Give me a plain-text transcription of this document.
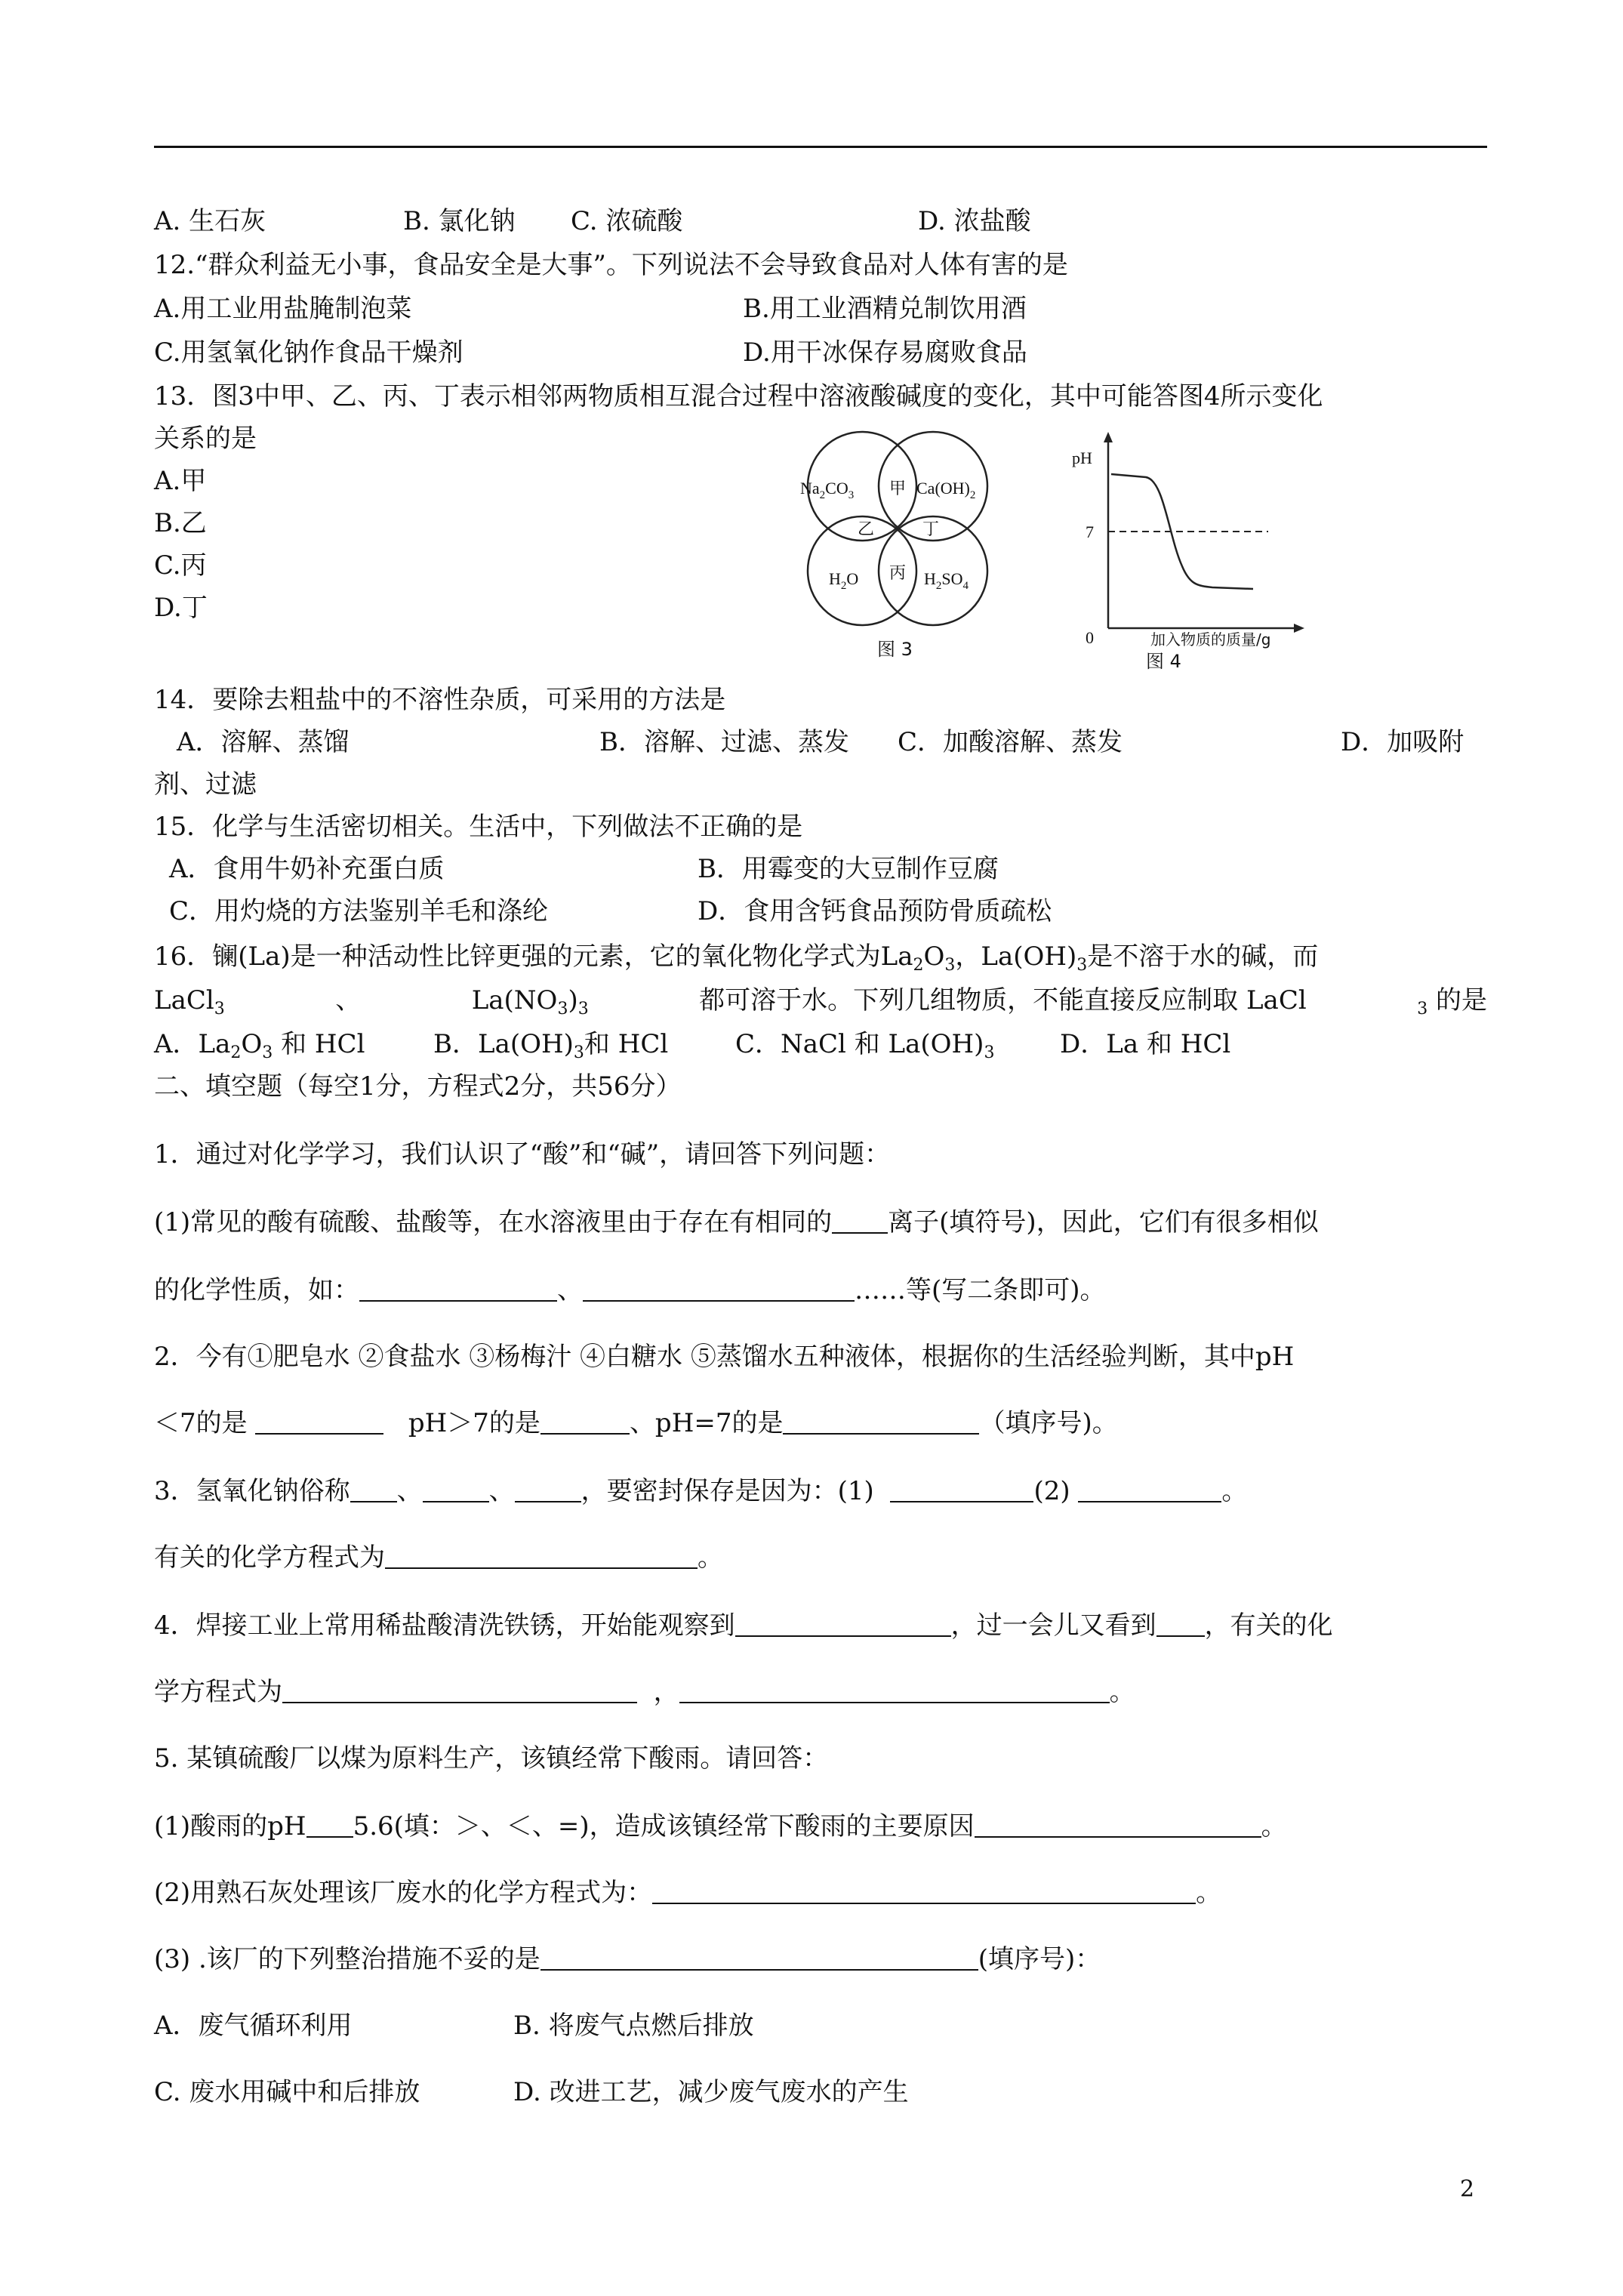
A. 生石灰	B. 氯化钠 C. 浓硫酸	D. 浓盐酸
12.“群众利益无小事，食品安全是大事”。下列说法不会导致食品对人体有害的是
A.用工业用盐腌制泡菜	B.用工业酒精兑制饮用酒
C.用氢氧化钠作食品干燥剂	D.用干冰保存易腐败食品
13．图3中甲、乙、丙、丁表示相邻两物质相互混合过程中溶液酸碱度的变化，其中可能答图4所示变化
关系的是
A.甲
B.乙
C.丙
D.丁
$Na_2CO_3$	$Ca(OH)_2$
$H_2O$	$H_2SO_4$
甲
乙	丁
丙
图 3
pH
7
0	加入物质的质量/g
图 4
14．要除去粗盐中的不溶性杂质，可采用的方法是
A．溶解、蒸馏	B．溶解、过滤、蒸发 C．加酸溶解、蒸发	D．加吸附
剂、过滤
15．化学与生活密切相关。生活中，下列做法不正确的是
A．食用牛奶补充蛋白质	B．用霉变的大豆制作豆腐
C．用灼烧的方法鉴别羊毛和涤纶	D．食用含钙食品预防骨质疏松
16．镧(La)是一种活动性比锌更强的元素，它的氧化物化学式为$La_2O_3$，$La(OH)_3$是不溶于水的碱，而
LaCl$_3$	、	$La(NO_3)_3$	都可溶于水。下列几组物质，不能直接反应制取 LaCl	$_3$ 的是
A．$La_2O_3$ 和 HCl	B．$La(OH)_3$和 HCl	C．NaCl 和 $La(OH)_3$	D．La 和 HCl
二、填空题（每空1分，方程式2分，共56分）
1．通过对化学学习，我们认识了“酸”和“碱”，请回答下列问题：
(1)常见的酸有硫酸、盐酸等，在水溶液里由于存在有相同的 离子(填符号)，因此，它们有很多相似
的化学性质，如：	、	……等(写二条即可)。
2．今有①肥皂水 ②食盐水 ③杨梅汁 ④白糖水 ⑤蒸馏水五种液体，根据你的生活经验判断，其中pH
＜7的是	pH＞7的是	、pH=7的是	（填序号)。
3．氢氧化钠俗称 、	、	，要密封保存是因为：(1)	(2)	。
有关的化学方程式为	。
4．焊接工业上常用稀盐酸清洗铁锈，开始能观察到	，过一会儿又看到 ，有关的化
学方程式为	，	。
5. 某镇硫酸厂以煤为原料生产，该镇经常下酸雨。请回答：
(1)酸雨的pH 5.6(填：＞、＜、=)，造成该镇经常下酸雨的主要原因	。
(2)用熟石灰处理该厂废水的化学方程式为：	。
(3) .该厂的下列整治措施不妥的是	(填序号)：
A．废气循环利用	B. 将废气点燃后排放
C. 废水用碱中和后排放	D. 改进工艺，减少废气废水的产生
2
